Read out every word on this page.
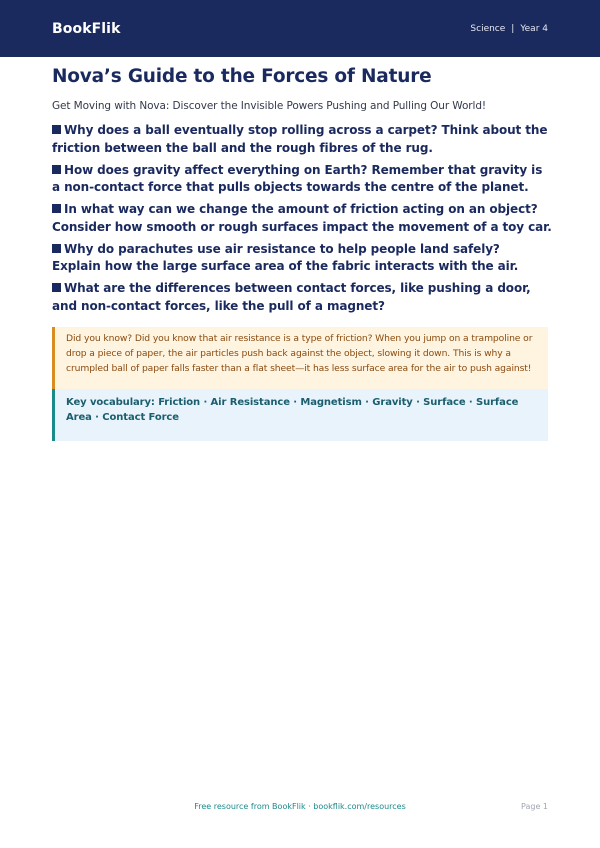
BookFlik	Science | Year 4
Nova’s Guide to the Forces of Nature

Get Moving with Nova: Discover the Invisible Powers Pushing and Pulling Our World!

Why does a ball eventually stop rolling across a carpet? Think about the friction between the ball and the rough fibres of the rug.
How does gravity affect everything on Earth? Remember that gravity is a non-contact force that pulls objects towards the centre of the planet.
In what way can we change the amount of friction acting on an object? Consider how smooth or rough surfaces impact the movement of a toy car.
Why do parachutes use air resistance to help people land safely? Explain how the large surface area of the fabric interacts with the air.
What are the differences between contact forces, like pushing a door, and non-contact forces, like the pull of a magnet?
Did you know? Did you know that air resistance is a type of friction? When you jump on a trampoline or drop a piece of paper, the air particles push back against the object, slowing it down. This is why a crumpled ball of paper falls faster than a flat sheet—it has less surface area for the air to push against!
Key vocabulary: Friction · Air Resistance · Magnetism · Gravity · Surface · Surface Area · Contact Force
Free resource from BookFlik · bookflik.com/resources	Page 1
